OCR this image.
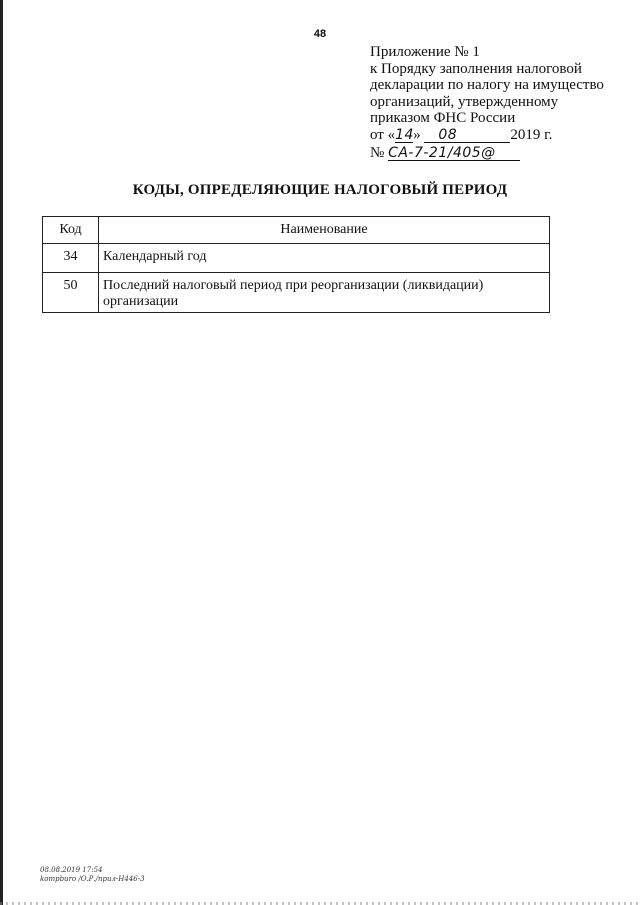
48
Приложение № 1
к Порядку заполнения налоговой
декларации по налогу на имущество
организаций, утвержденному
приказом ФНС России
от «14» 08	2019 г.
№ СА-7-21/405@
КОДЫ, ОПРЕДЕЛЯЮЩИЕ НАЛОГОВЫЙ ПЕРИОД
Код	Наименование
34	Календарный год
50	Последний налоговый период при реорганизации (ликвидации) организации
08.08.2019 17:54
kompburo /О.Р./прил-Н446-3
